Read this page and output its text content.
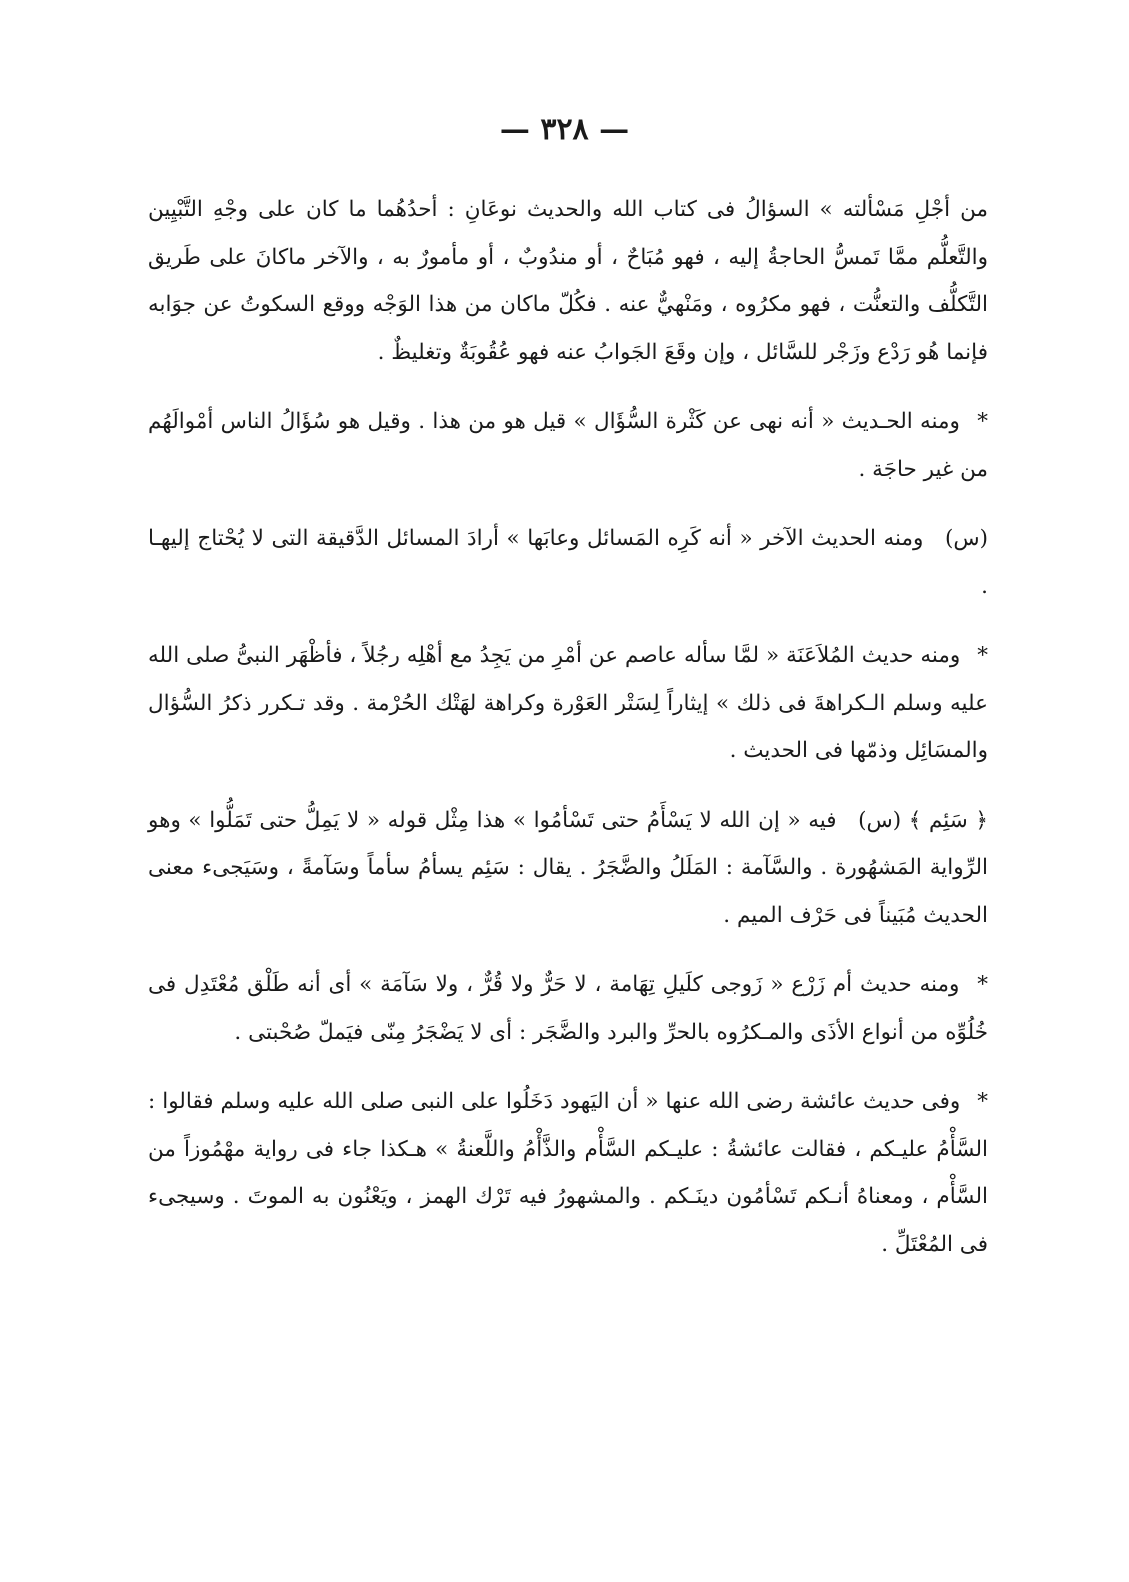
— ٣٢٨ —

من أجْلِ مَسْألته » السؤالُ فى كتاب الله والحديث نوعَانِ : أحدُهُما ما كان على وجْهِ التَّبْيِين والتَّعلُّم ممَّا تَمسُّ الحاجةُ إليه ، فهو مُبَاحٌ ، أو مندُوبٌ ، أو مأمورٌ به ، والآخر ماكانَ على طَريق التَّكلُّف والتعنُّت ، فهو مكرُوه ، ومَنْهيٌّ عنه . فكُلّ ماكان من هذا الوَجْه ووقع السكوتُ عن جوَابه فإنما هُو رَدْع وزَجْر للسَّائل ، وإن وقَعَ الجَوابُ عنه فهو عُقُوبَةٌ وتغليظٌ .

* ومنه الحـديث « أنه نهى عن كَثْرة السُّؤَال » قيل هو من هذا . وقيل هو سُؤَالُ الناس أمْوالَهُم من غير حاجَة .

(س) ومنه الحديث الآخر « أنه كَرِه المَسائل وعابَها » أرادَ المسائل الدَّقيقة التى لا يُحْتاج إليهـا .

* ومنه حديث المُلاَعَنَة « لمَّا سأله عاصم عن أمْرِ من يَجِدُ مع أهْلِه رجُلاً ، فأظْهَر النبىُّ صلى الله عليه وسلم الـكراهةَ فى ذلك » إيثاراً لِسَتْر العَوْرة وكراهة لهَتْك الحُرْمة . وقد تـكرر ذكرُ السُّؤال والمسَائِل وذمّها فى الحديث .

﴿ سَئِم ﴾ (س) فيه « إن الله لا يَسْأَمُ حتى تَسْأمُوا » هذا مِثْل قوله « لا يَمِلُّ حتى تَمَلُّوا » وهو الرِّواية المَشهُورة . والسَّآمة : المَلَلُ والضَّجَرُ . يقال : سَئِم يسأمُ سأماً وسَآمةً ، وسَيَجىء معنى الحديث مُبَيناً فى حَرْف الميم .

* ومنه حديث أم زَرْع « زَوجى كلَيلِ تِهَامة ، لا حَرٌّ ولا قُرٌّ ، ولا سَآمَة » أى أنه طَلْق مُعْتَدِل فى خُلُوِّه من أنواع الأذَى والمـكرُوه بالحرِّ والبرد والضَّجَر : أى لا يَضْجَرُ مِنّى فيَملّ صُحْبتى .

* وفى حديث عائشة رضى الله عنها « أن اليَهود دَخَلُوا على النبى صلى الله عليه وسلم فقالوا : السَّأْمُ عليـكم ، فقالت عائشةُ : عليـكم السَّأْم والذَّأْمُ واللَّعنةُ » هـكذا جاء فى رواية مهْمُوزاً من السَّأْم ، ومعناهُ أنـكم تَسْأمُون دينَـكم . والمشهورُ فيه تَرْك الهمز ، ويَعْنُون به الموتَ . وسيجىء فى المُعْتَلِّ .
